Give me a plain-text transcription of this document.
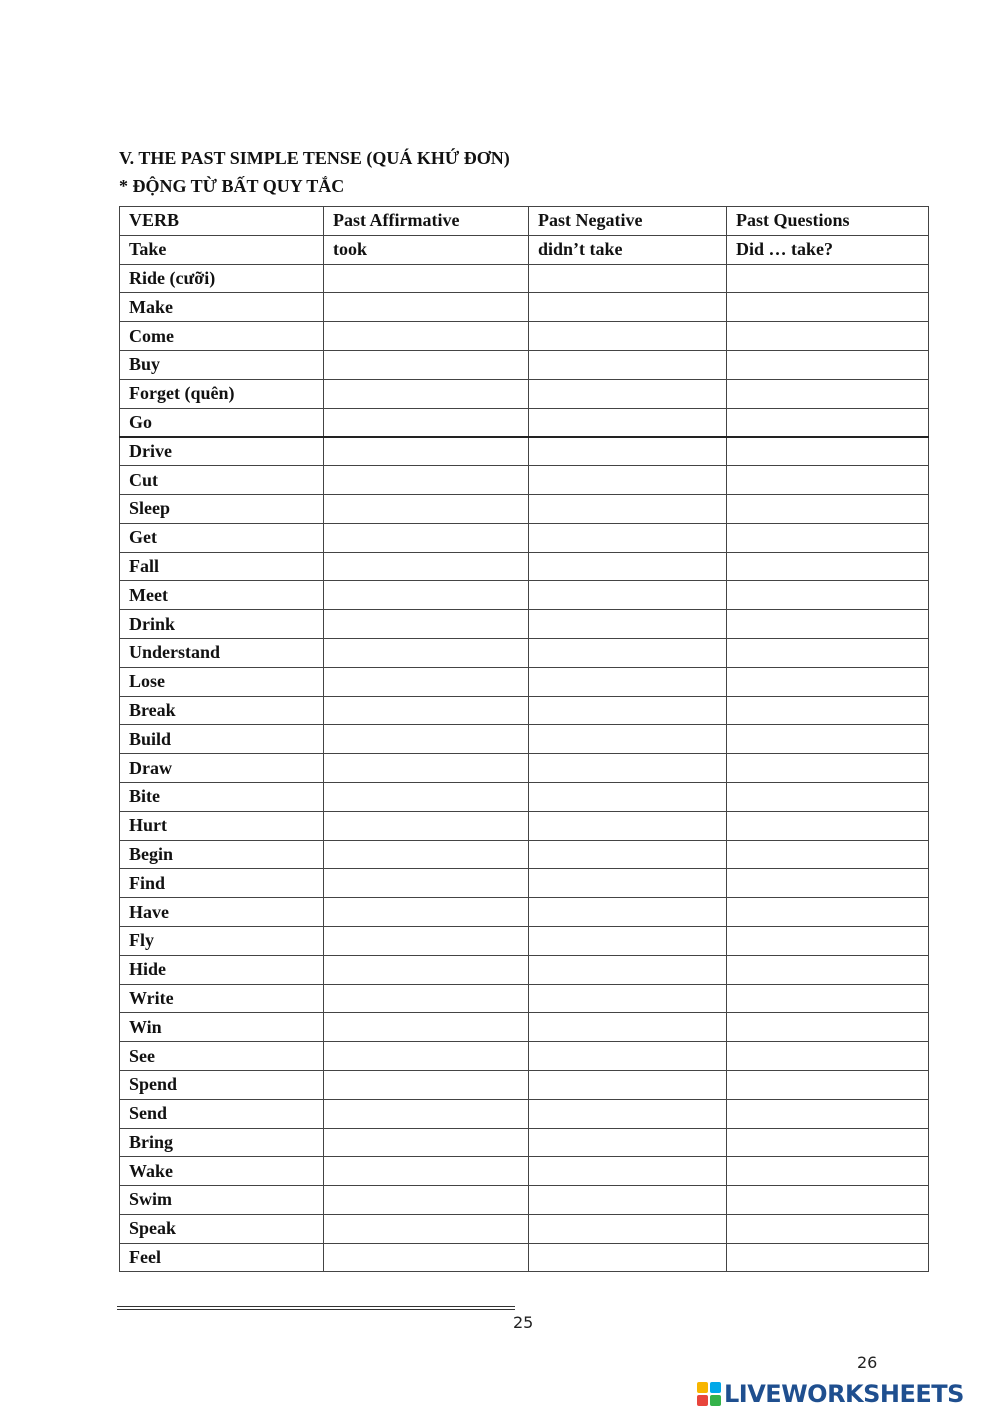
V. THE PAST SIMPLE TENSE (QUÁ KHỨ ĐƠN)
* ĐỘNG TỪ BẤT QUY TẮC
VERB	Past Affirmative	Past Negative	Past Questions
Take	took	didn’t take	Did … take?
Ride (cưỡi)			
Make			
Come			
Buy			
Forget (quên)			
Go			
Drive			
Cut			
Sleep			
Get			
Fall			
Meet			
Drink			
Understand			
Lose			
Break			
Build			
Draw			
Bite			
Hurt			
Begin			
Find			
Have			
Fly			
Hide			
Write			
Win			
See			
Spend			
Send			
Bring			
Wake			
Swim			
Speak			
Feel			
25
26
LIVEWORKSHEETS
